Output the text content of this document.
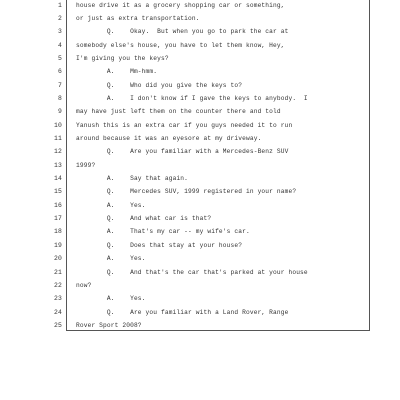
1 house drive it as a grocery shopping car or something,
2 or just as extra transportation.
3 Q.    Okay.  But when you go to park the car at
4 somebody else's house, you have to let them know, Hey,
5 I'm giving you the keys?
6 A.    Mm-hmm.
7 Q.    Who did you give the keys to?
8 A.    I don't know if I gave the keys to anybody.  I
9 may have just left them on the counter there and told
10 Yanush this is an extra car if you guys needed it to run
11 around because it was an eyesore at my driveway.
12 Q.    Are you familiar with a Mercedes-Benz SUV
13 1999?
14 A.    Say that again.
15 Q.    Mercedes SUV, 1999 registered in your name?
16 A.    Yes.
17 Q.    And what car is that?
18 A.    That's my car -- my wife's car.
19 Q.    Does that stay at your house?
20 A.    Yes.
21 Q.    And that's the car that's parked at your house
22 now?
23 A.    Yes.
24 Q.    Are you familiar with a Land Rover, Range
25 Rover Sport 2008?
